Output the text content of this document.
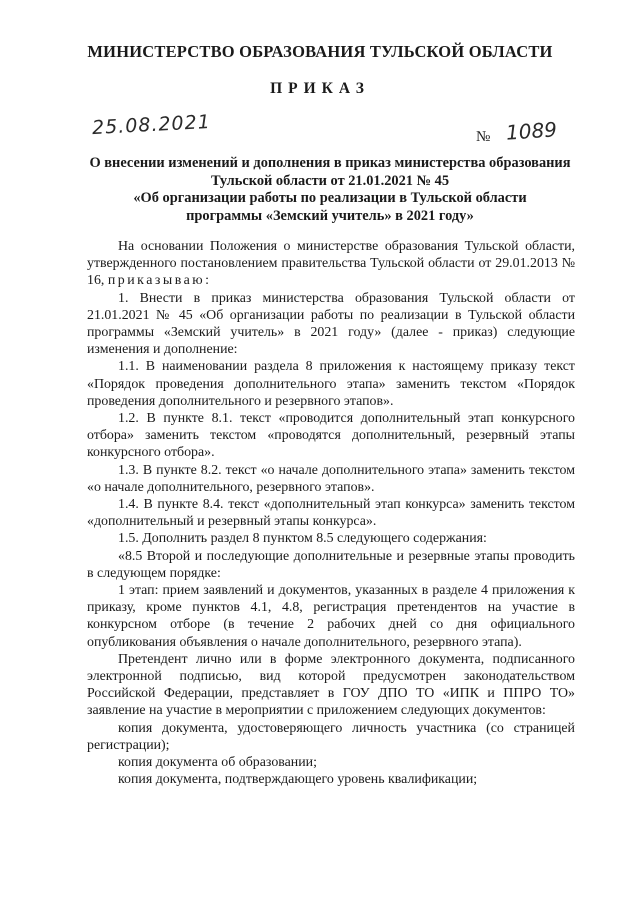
МИНИСТЕРСТВО ОБРАЗОВАНИЯ ТУЛЬСКОЙ ОБЛАСТИ
ПРИКАЗ
25.08.2021	№ 1089
О внесении изменений и дополнения в приказ министерства образования
Тульской области от 21.01.2021 № 45
«Об организации работы по реализации в Тульской области
программы «Земский учитель» в 2021 году»

На основании Положения о министерстве образования Тульской области, утвержденного постановлением правительства Тульской области от 29.01.2013 № 16, приказываю:

1. Внести в приказ министерства образования Тульской области от 21.01.2021 № 45 «Об организации работы по реализации в Тульской области программы «Земский учитель» в 2021 году» (далее - приказ) следующие изменения и дополнение:

1.1. В наименовании раздела 8 приложения к настоящему приказу текст «Порядок проведения дополнительного этапа» заменить текстом «Порядок проведения дополнительного и резервного этапов».

1.2. В пункте 8.1. текст «проводится дополнительный этап конкурсного отбора» заменить текстом «проводятся дополнительный, резервный этапы конкурсного отбора».

1.3. В пункте 8.2. текст «о начале дополнительного этапа» заменить текстом «о начале дополнительного, резервного этапов».

1.4. В пункте 8.4. текст «дополнительный этап конкурса» заменить текстом «дополнительный и резервный этапы конкурса».

1.5. Дополнить раздел 8 пунктом 8.5 следующего содержания:

«8.5 Второй и последующие дополнительные и резервные этапы проводить в следующем порядке:

1 этап: прием заявлений и документов, указанных в разделе 4 приложения к приказу, кроме пунктов 4.1, 4.8, регистрация претендентов на участие в конкурсном отборе (в течение 2 рабочих дней со дня официального опубликования объявления о начале дополнительного, резервного этапа).

Претендент лично или в форме электронного документа, подписанного электронной подписью, вид которой предусмотрен законодательством Российской Федерации, представляет в ГОУ ДПО ТО «ИПК и ППРО ТО» заявление на участие в мероприятии с приложением следующих документов:

копия документа, удостоверяющего личность участника (со страницей регистрации);

копия документа об образовании;

копия документа, подтверждающего уровень квалификации;
